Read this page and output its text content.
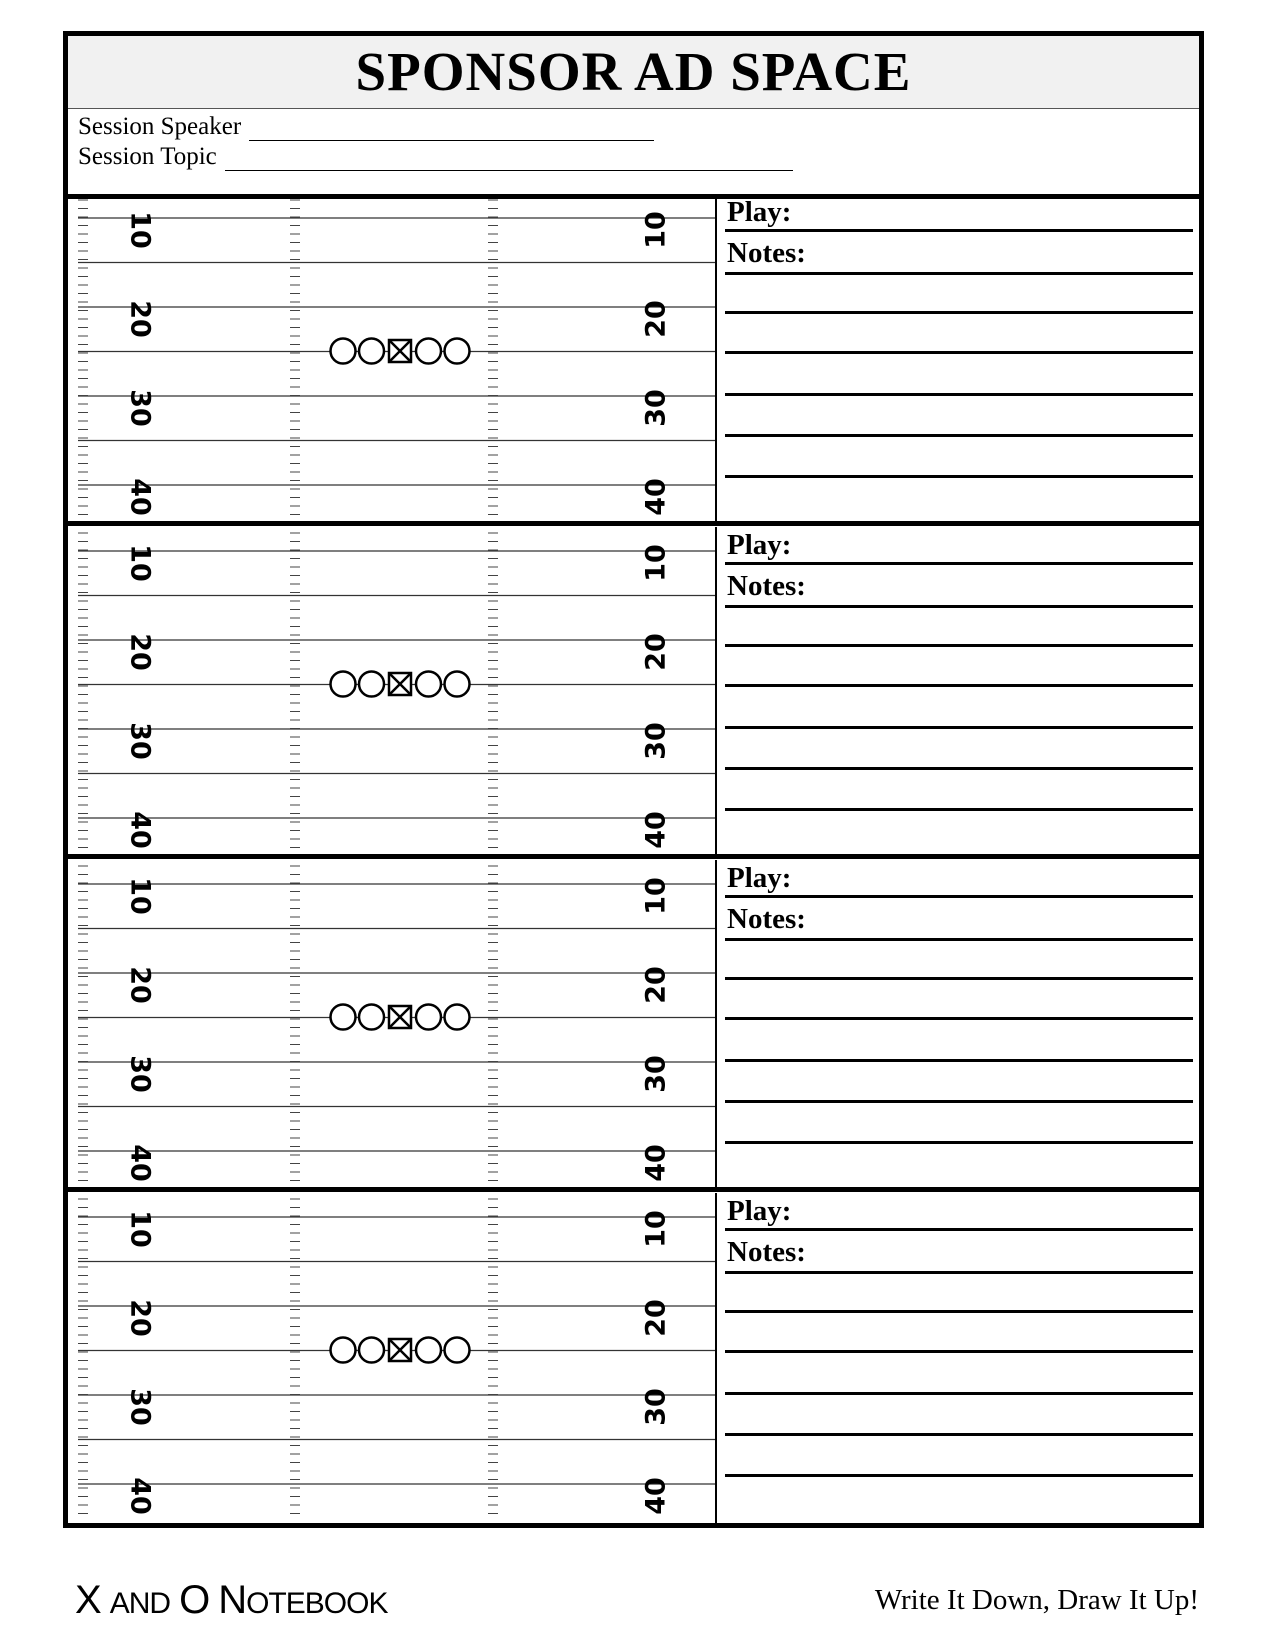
SPONSOR AD SPACE
Session Speaker
Session Topic
10	10
20	20
30	30
40	40
Play:
Notes:
10	10
20	20
30	30
40	40
Play:
Notes:
10	10
20	20
30	30
40	40
Play:
Notes:
10	10
20	20
30	30
40	40
Play:
Notes:
X AND O NOTEBOOK	Write It Down, Draw It Up!
